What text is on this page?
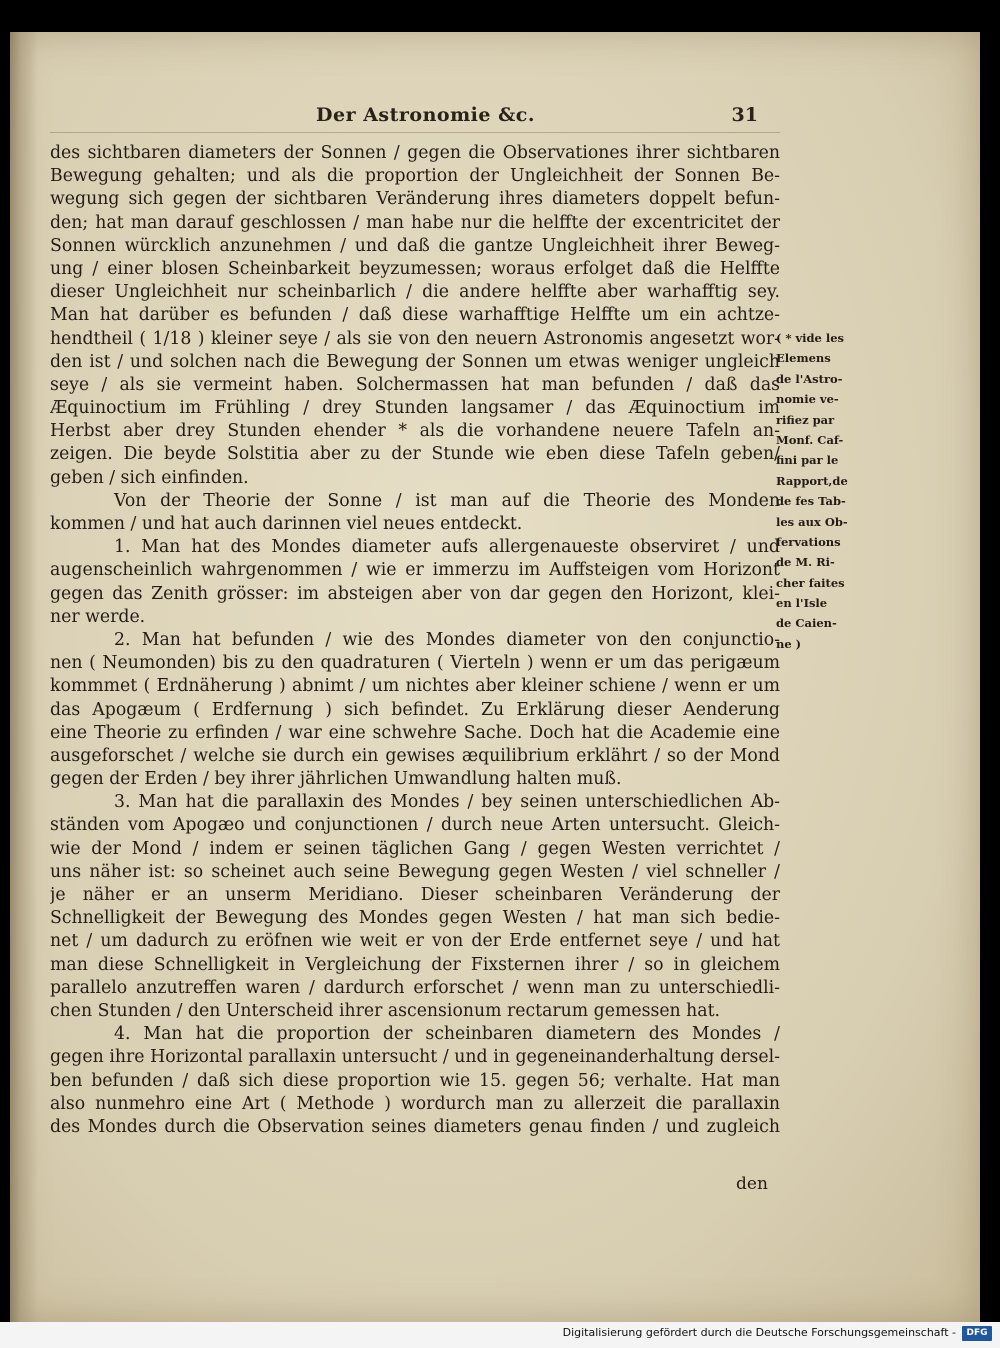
Der Astronomie &c.	31
des sichtbaren diameters der Sonnen / gegen die Observationes ihrer sichtbaren
Bewegung gehalten; und als die proportion der Ungleichheit der Sonnen Be-
wegung sich gegen der sichtbaren Veränderung ihres diameters doppelt befun-
den; hat man darauf geschlossen / man habe nur die helffte der excentricitet der
Sonnen würcklich anzunehmen / und daß die gantze Ungleichheit ihrer Beweg-
ung / einer blosen Scheinbarkeit beyzumessen; woraus erfolget daß die Helffte
dieser Ungleichheit nur scheinbarlich / die andere helffte aber warhafftig sey.
Man hat darüber es befunden / daß diese warhafftige Helffte um ein achtze-
hendtheil ( 1/18 ) kleiner seye / als sie von den neuern Astronomis angesetzt wor-
den ist / und solchen nach die Bewegung der Sonnen um etwas weniger ungleich
seye / als sie vermeint haben. Solchermassen hat man befunden / daß das
Æquinoctium im Frühling / drey Stunden langsamer / das Æquinoctium im
Herbst aber drey Stunden ehender * als die vorhandene neuere Tafeln an-
zeigen. Die beyde Solstitia aber zu der Stunde wie eben diese Tafeln geben/
geben / sich einfinden.
Von der Theorie der Sonne / ist man auf die Theorie des Monden
kommen / und hat auch darinnen viel neues entdeckt.
1. Man hat des Mondes diameter aufs allergenaueste observiret / und
augenscheinlich wahrgenommen / wie er immerzu im Auffsteigen vom Horizont
gegen das Zenith grösser: im absteigen aber von dar gegen den Horizont, klei-
ner werde.
2. Man hat befunden / wie des Mondes diameter von den conjunctio-
nen ( Neumonden) bis zu den quadraturen ( Vierteln ) wenn er um das perigæum
kommmet ( Erdnäherung ) abnimt / um nichtes aber kleiner schiene / wenn er um
das Apogæum ( Erdfernung ) sich befindet. Zu Erklärung dieser Aenderung
eine Theorie zu erfinden / war eine schwehre Sache. Doch hat die Academie eine
ausgeforschet / welche sie durch ein gewises æquilibrium erklährt / so der Mond
gegen der Erden / bey ihrer jährlichen Umwandlung halten muß.
3. Man hat die parallaxin des Mondes / bey seinen unterschiedlichen Ab-
ständen vom Apogæo und conjunctionen / durch neue Arten untersucht. Gleich-
wie der Mond / indem er seinen täglichen Gang / gegen Westen verrichtet /
uns näher ist: so scheinet auch seine Bewegung gegen Westen / viel schneller /
je näher er an unserm Meridiano. Dieser scheinbaren Veränderung der
Schnelligkeit der Bewegung des Mondes gegen Westen / hat man sich bedie-
net / um dadurch zu eröfnen wie weit er von der Erde entfernet seye / und hat
man diese Schnelligkeit in Vergleichung der Fixsternen ihrer / so in gleichem
parallelo anzutreffen waren / dardurch erforschet / wenn man zu unterschiedli-
chen Stunden / den Unterscheid ihrer ascensionum rectarum gemessen hat.
4. Man hat die proportion der scheinbaren diametern des Mondes /
gegen ihre Horizontal parallaxin untersucht / und in gegeneinanderhaltung dersel-
ben befunden / daß sich diese proportion wie 15. gegen 56; verhalte. Hat man
also nunmehro eine Art ( Methode ) wordurch man zu allerzeit die parallaxin
des Mondes durch die Observation seines diameters genau finden / und zugleich
den
( * vide les
Elemens
de l'Astro-
nomie ve-
rifiez par
Monf. Caf-
fini par le
Rapport,de
de fes Tab-
les aux Ob-
fervations
de M. Ri-
cher faites
en l'Isle
de Caien-
ne )
Digitalisierung gefördert durch die Deutsche Forschungsgemeinschaft -	DFG
